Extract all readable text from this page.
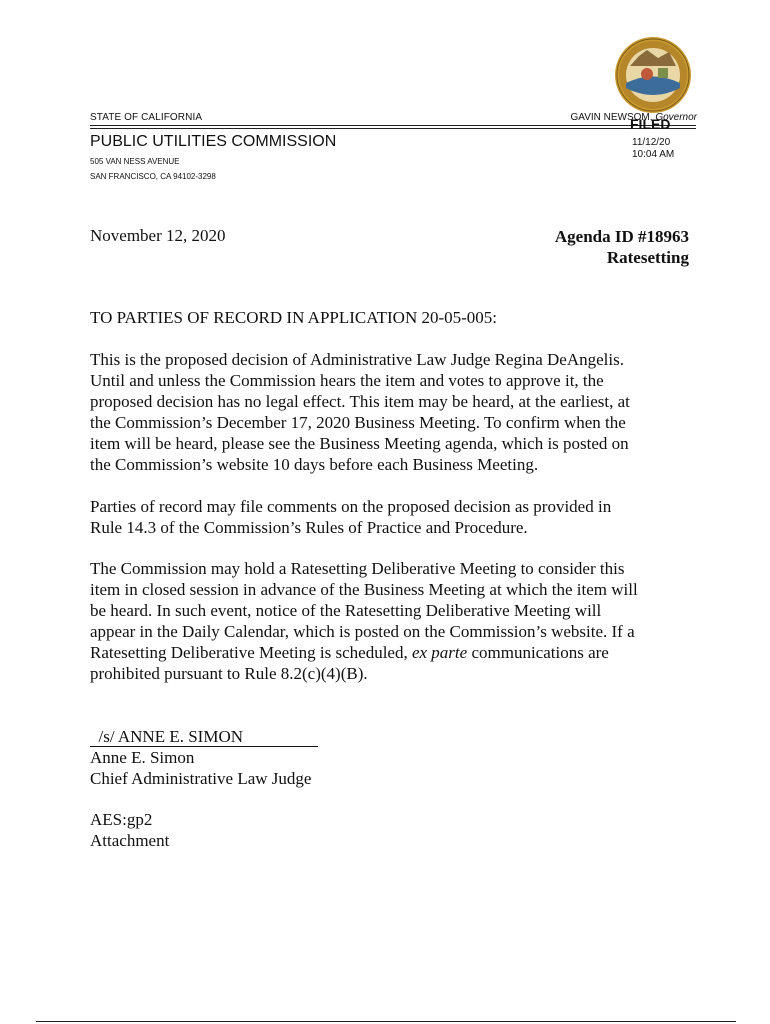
STATE OF CALIFORNIA	GAVIN NEWSOM, Governor
PUBLIC UTILITIES COMMISSION
505 VAN NESS AVENUE
SAN FRANCISCO, CA 94102-3298
FILED
11/12/20
10:04 AM
November 12, 2020	Agenda ID #18963
Ratesetting
TO PARTIES OF RECORD IN APPLICATION 20-05-005:
This is the proposed decision of Administrative Law Judge Regina DeAngelis.
Until and unless the Commission hears the item and votes to approve it, the
proposed decision has no legal effect. This item may be heard, at the earliest, at
the Commission’s December 17, 2020 Business Meeting. To confirm when the
item will be heard, please see the Business Meeting agenda, which is posted on
the Commission’s website 10 days before each Business Meeting.
Parties of record may file comments on the proposed decision as provided in
Rule 14.3 of the Commission’s Rules of Practice and Procedure.
The Commission may hold a Ratesetting Deliberative Meeting to consider this
item in closed session in advance of the Business Meeting at which the item will
be heard. In such event, notice of the Ratesetting Deliberative Meeting will
appear in the Daily Calendar, which is posted on the Commission’s website. If a
Ratesetting Deliberative Meeting is scheduled, ex parte communications are
prohibited pursuant to Rule 8.2(c)(4)(B).
/s/ ANNE E. SIMON
Anne E. Simon
Chief Administrative Law Judge
AES:gp2
Attachment
